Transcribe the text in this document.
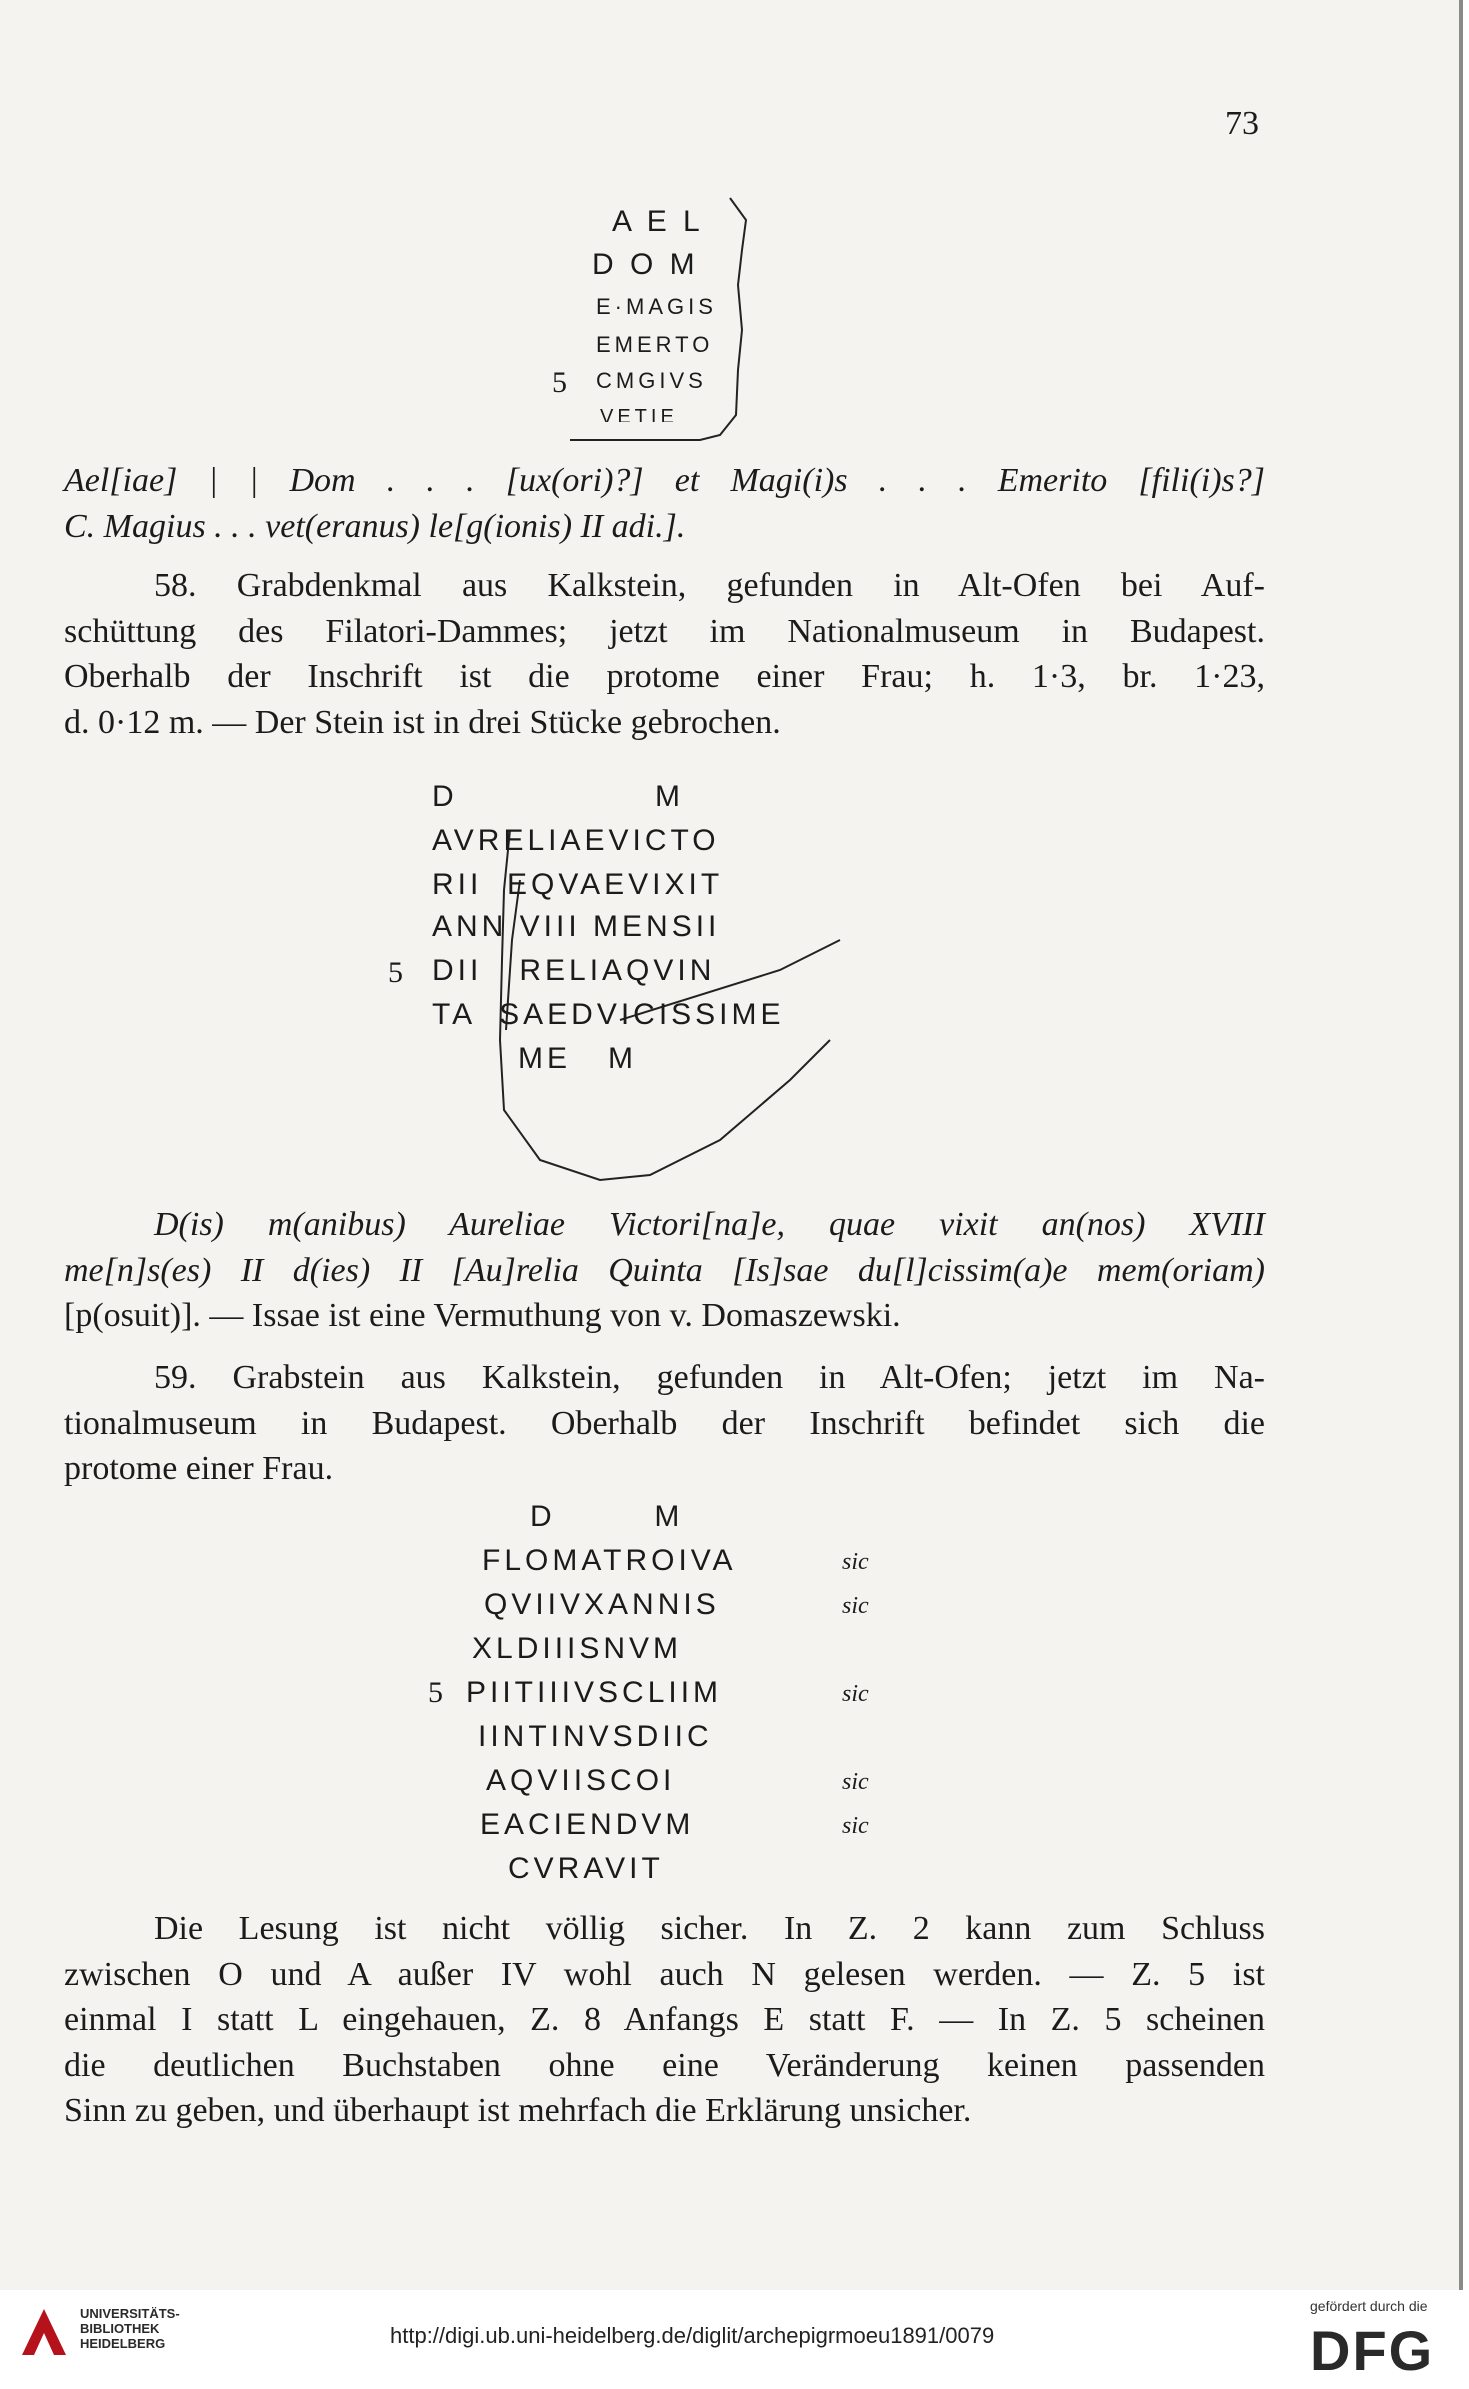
73
A E L
D O M
E·MAGIS
EMERTO
5 CMGIVS
VETIE
Ael[iae] | | Dom . . . [ux(ori)?] et Magi(i)s . . . Emerito [fili(i)s?]
C. Magius . . . vet(eranus) le[g(ionis) II adi.].
58. Grabdenkmal aus Kalkstein, gefunden in Alt-Ofen bei Auf-
schüttung des Filatori-Dammes; jetzt im Nationalmuseum in Budapest.
Oberhalb der Inschrift ist die protome einer Frau; h. 1·3, br. 1·23,
d. 0·12 m. — Der Stein ist in drei Stücke gebrochen.
D                M
AVRELIAEVICTO
RII  EQVAEVIXIT
ANN VIII MENSII
5 DII   RELIAQVIN
TA  SAEDVICISSIME
ME   M
D(is) m(anibus) Aureliae Victori[na]e, quae vixit an(nos) XVIII
me[n]s(es) II d(ies) II [Au]relia Quinta [Is]sae du[l]cissim(a)e mem(oriam)
[p(osuit)]. — Issae ist eine Vermuthung von v. Domaszewski.
59. Grabstein aus Kalkstein, gefunden in Alt-Ofen; jetzt im Na-
tionalmuseum in Budapest. Oberhalb der Inschrift befindet sich die
protome einer Frau.
D        M
FLOMATROIVA	sic
QVIIVXANNIS	sic
XLDIIISNVM
5 PIITIIIVSCLIIM	sic
IINTINVSDIIC
AQVIISCOI	sic
EACIENDVM	sic
CVRAVIT
Die Lesung ist nicht völlig sicher. In Z. 2 kann zum Schluss
zwischen O und A außer IV wohl auch N gelesen werden. — Z. 5 ist
einmal I statt L eingehauen, Z. 8 Anfangs E statt F. — In Z. 5 scheinen
die deutlichen Buchstaben ohne eine Veränderung keinen passenden
Sinn zu geben, und überhaupt ist mehrfach die Erklärung unsicher.
UNIVERSITÄTS-
BIBLIOTHEK
HEIDELBERG	http://digi.ub.uni-heidelberg.de/diglit/archepigrmoeu1891/0079
gefördert durch die
DFG
